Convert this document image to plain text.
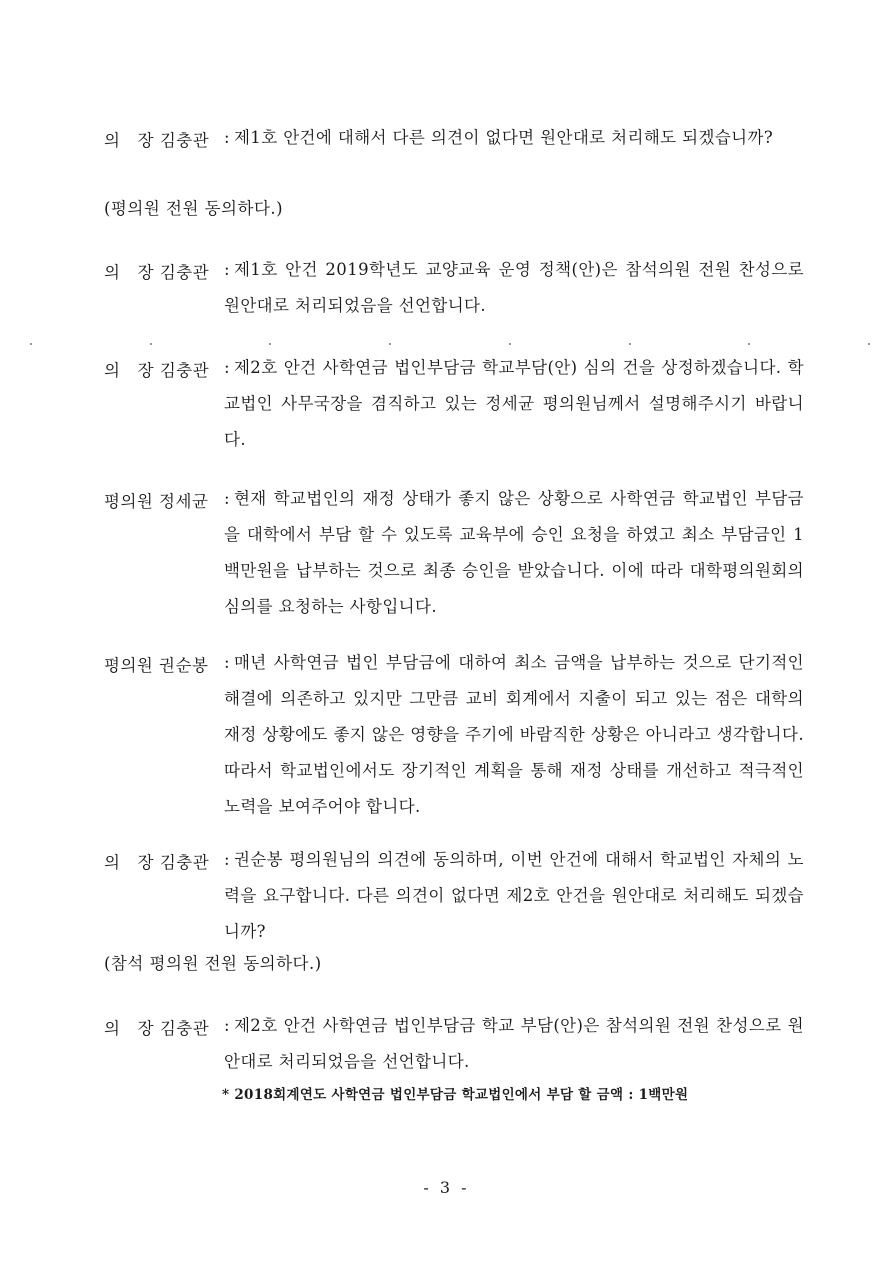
의   장 김충관 : 제1호 안건에 대해서 다른 의견이 없다면 원안대로 처리해도 되겠습니까?
(평의원 전원 동의하다.)
의   장 김충관 : 제1호 안건 2019학년도 교양교육 운영 정책(안)은 참석의원 전원 찬성으로 원안대로 처리되었음을 선언합니다.
의   장 김충관 : 제2호 안건 사학연금 법인부담금 학교부담(안) 심의 건을 상정하겠습니다. 학교법인 사무국장을 겸직하고 있는 정세균 평의원님께서 설명해주시기 바랍니다.
평의원 정세균 : 현재 학교법인의 재정 상태가 좋지 않은 상황으로 사학연금 학교법인 부담금을 대학에서 부담 할 수 있도록 교육부에 승인 요청을 하였고 최소 부담금인 1백만원을 납부하는 것으로 최종 승인을 받았습니다. 이에 따라 대학평의원회의 심의를 요청하는 사항입니다.
평의원 권순봉 : 매년 사학연금 법인 부담금에 대하여 최소 금액을 납부하는 것으로 단기적인 해결에 의존하고 있지만 그만큼 교비 회계에서 지출이 되고 있는 점은 대학의 재정 상황에도 좋지 않은 영향을 주기에 바람직한 상황은 아니라고 생각합니다. 따라서 학교법인에서도 장기적인 계획을 통해 재정 상태를 개선하고 적극적인 노력을 보여주어야 합니다.
의   장 김충관 : 권순봉 평의원님의 의견에 동의하며, 이번 안건에 대해서 학교법인 자체의 노력을 요구합니다. 다른 의견이 없다면 제2호 안건을 원안대로 처리해도 되겠습니까?
(참석 평의원 전원 동의하다.)
의   장 김충관 : 제2호 안건 사학연금 법인부담금 학교 부담(안)은 참석의원 전원 찬성으로 원안대로 처리되었음을 선언합니다.
* 2018회계연도 사학연금 법인부담금 학교법인에서 부담 할 금액 : 1백만원
- 3 -
